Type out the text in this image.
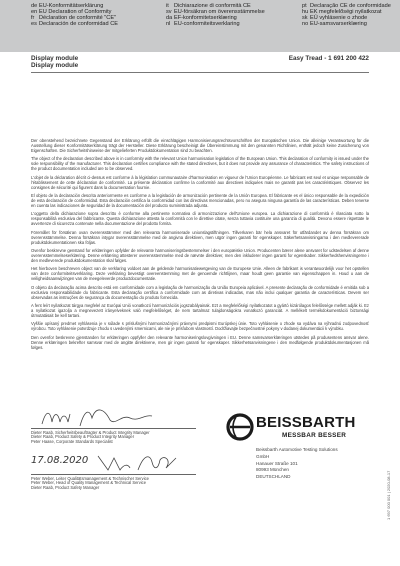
de EU-Konformitätserklärung
en EU Declaration of Conformity
fr Déclaration de conformité "CE"
es Declaración de conformidad CE
it Dichiarazione di conformità CE
sv EU-försäkran om överensstämmelse
da EF-konformitetserklæring
nl EU-conformiteitsverklaring
pt Declaração CE de conformidade
hu EK megfelelőségi nyilatkozat
sk EÚ vyhlásenie o zhode
no EU-samsvarserklæring
Display module
Display module
Easy Tread - 1 691 200 422

Der obenstehend bezeichnete Gegenstand der Erklärung erfüllt die einschlägigen Harmonisierungsrechtsvorschriften der Europäischen Union. Die alleinige Verantwortung für die Ausstellung dieser Konformitätserklärung trägt der Hersteller. Diese Erklärung bescheinigt die Übereinstimmung mit den genannten Richtlinien, enthält jedoch keine Zusicherung von Eigenschaften. Die Sicherheitshinweise der mitgelieferten Produktdokumentation sind zu beachten.

The object of the declaration described above is in conformity with the relevant Union harmonisation legislation of the European Union. This declaration of conformity is issued under the sole responsibility of the manufacturer. This declaration certifies compliance with the stated directives, but it does not provide any assurance of characteristics. The safety instructions of the product documentation included are to be observed.

L'objet de la déclaration décrit ci-dessus est conforme à la législation communautaire d'harmonisation en vigueur de l'Union Européenne. Le fabricant est seul et unique responsable de l'établissement de cette déclaration de conformité. La présente déclaration confirme la conformité aux directives indiquées mais ne garantit pas les caractéristiques. Observez les consignes de sécurité qui figurent dans la documentation fournie.

El objeto de la declaración descrita anteriormente es conforme a la legislación de armonización pertinente de la Unión Europea. El fabricante es el único responsable de la expedición de esta declaración de conformidad. Esta declaración certifica la conformidad con las directivas mencionadas, pero no asegura ninguna garantía de las características. Deben tenerse en cuenta las indicaciones de seguridad de la documentación del producto suministrada adjunta.

L'oggetto della dichiarazione sopra descritto è conforme alla pertinente normativa di armonizzazione dell'Unione europea. La dichiarazione di conformità è rilasciata sotto la responsabilità esclusiva del fabbricante. Questa dichiarazione attesta la conformità con le direttive citate, senza tuttavia costituire una garanzia di qualità. Devono essere rispettate le avvertenze di sicurezza contenute nella documentazione del prodotto fornita.

Föremålet för försäkran ovan överensstämmer med den relevanta harmoniserade unionslagstiftningen. Tillverkaren bär hela ansvaret för utfärdandet av denna försäkran om överensstämmelse. Denna försäkran intygar överensstämmelse med de angivna direktiven, men utgör ingen garanti för egenskaper. Säkerhetsanvisningarna i den medlevererade produktdokumentationen ska följas.

Ovenfor beskrevne genstand for erklæringen opfylder de relevante harmoniseringsbestemmelser i den europæiske Union. Producenten bærer alene ansvaret for udstedelsen af denne overensstemmelseserklæring. Denne erklæring attesterer overensstemmelse med de nævnte direktiver, men den inkluderer ingen garanti for egenskaber. Sikkerhedshenvisningerne i den medleverede produktdokumentation skal følges.

Het hierboven beschreven object van de verklaring voldoet aan de geldende harmonisatiewetgeving van de Europese Unie. Alleen de fabrikant is verantwoordelijk voor het opstellen van deze conformiteitsverklaring. Deze verklaring bevestigt overeenstemming met de genoemde richtlijnen, maar houdt geen garantie van eigenschappen in. Houd u aan de veiligheidsaanwijzingen van de meegeleverde productdocumentatie.

O objeto da declaração acima descrito está em conformidade com a legislação de harmonização da União Europeia aplicável. A presente declaração de conformidade é emitida sob a exclusiva responsabilidade do fabricante. Esta declaração certifica a conformidade com as diretivas indicadas, mas não inclui qualquer garantia de características. Devem ser observadas as instruções de segurança da documentação do produto fornecida.

A fent leírt nyilatkozat tárgya megfelel az Európai Unió vonatkozó harmonizációs jogszabályainak. Ezt a megfelelőségi nyilatkozatot a gyártó kizárólagos felelőssége mellett adják ki. Ez a nyilatkozat igazolja a megnevezett irányelveknek való megfelelőséget, de nem tartalmaz tulajdonságokra vonatkozó garanciát. A mellékelt termékdokumentáció biztonsági útmutatásait be kell tartani.

Vyššie opísaný predmet vyhlásenia je v súlade s príslušnými harmonizačnými právnymi predpismi Európskej únie. Toto vyhlásenie o zhode sa vydáva na výhradnú zodpovednosť výrobcu. Toto vyhlásenie potvrdzuje zhodu s uvedenými smernicami, ale nie je prísľubom vlastností. Dodržiavajte bezpečnostné pokyny v dodanej dokumentácii k výrobku.

Den ovenfor beskrevne gjenstanden for erklæringen oppfyller den relevante harmoniseringslovgivningen i EU. Denne samsvarserklæringen utstedes på produsentens ansvar alene. Denne erklæringen bekrefter samsvar med de angitte direktivene, men gir ingen garanti for egenskaper. Sikkerhetsanvisningene i den medfølgende produktdokumentasjonen må følges.

Dieter Raab, Sicherheitsbeauftragter & Product Integrity Manager
Dieter Raab, Product Safety & Product Integrity Manager
Peter Haase, Corporate Standards Specialist
17.08.2020
Peter Weber, Leiter Qualitätsmanagement & Technischer Service
Peter Weber, Head of Quality Management & Technical Service
Dieter Raab, Product Safety Manager
BEISSBARTH
MESSBAR BESSER
Beissbarth Automotive Testing Solutions
GmbH
Hanauer Straße 101
80993 München
DEUTSCHLAND	1 697 000 001 | 2020-08-17
